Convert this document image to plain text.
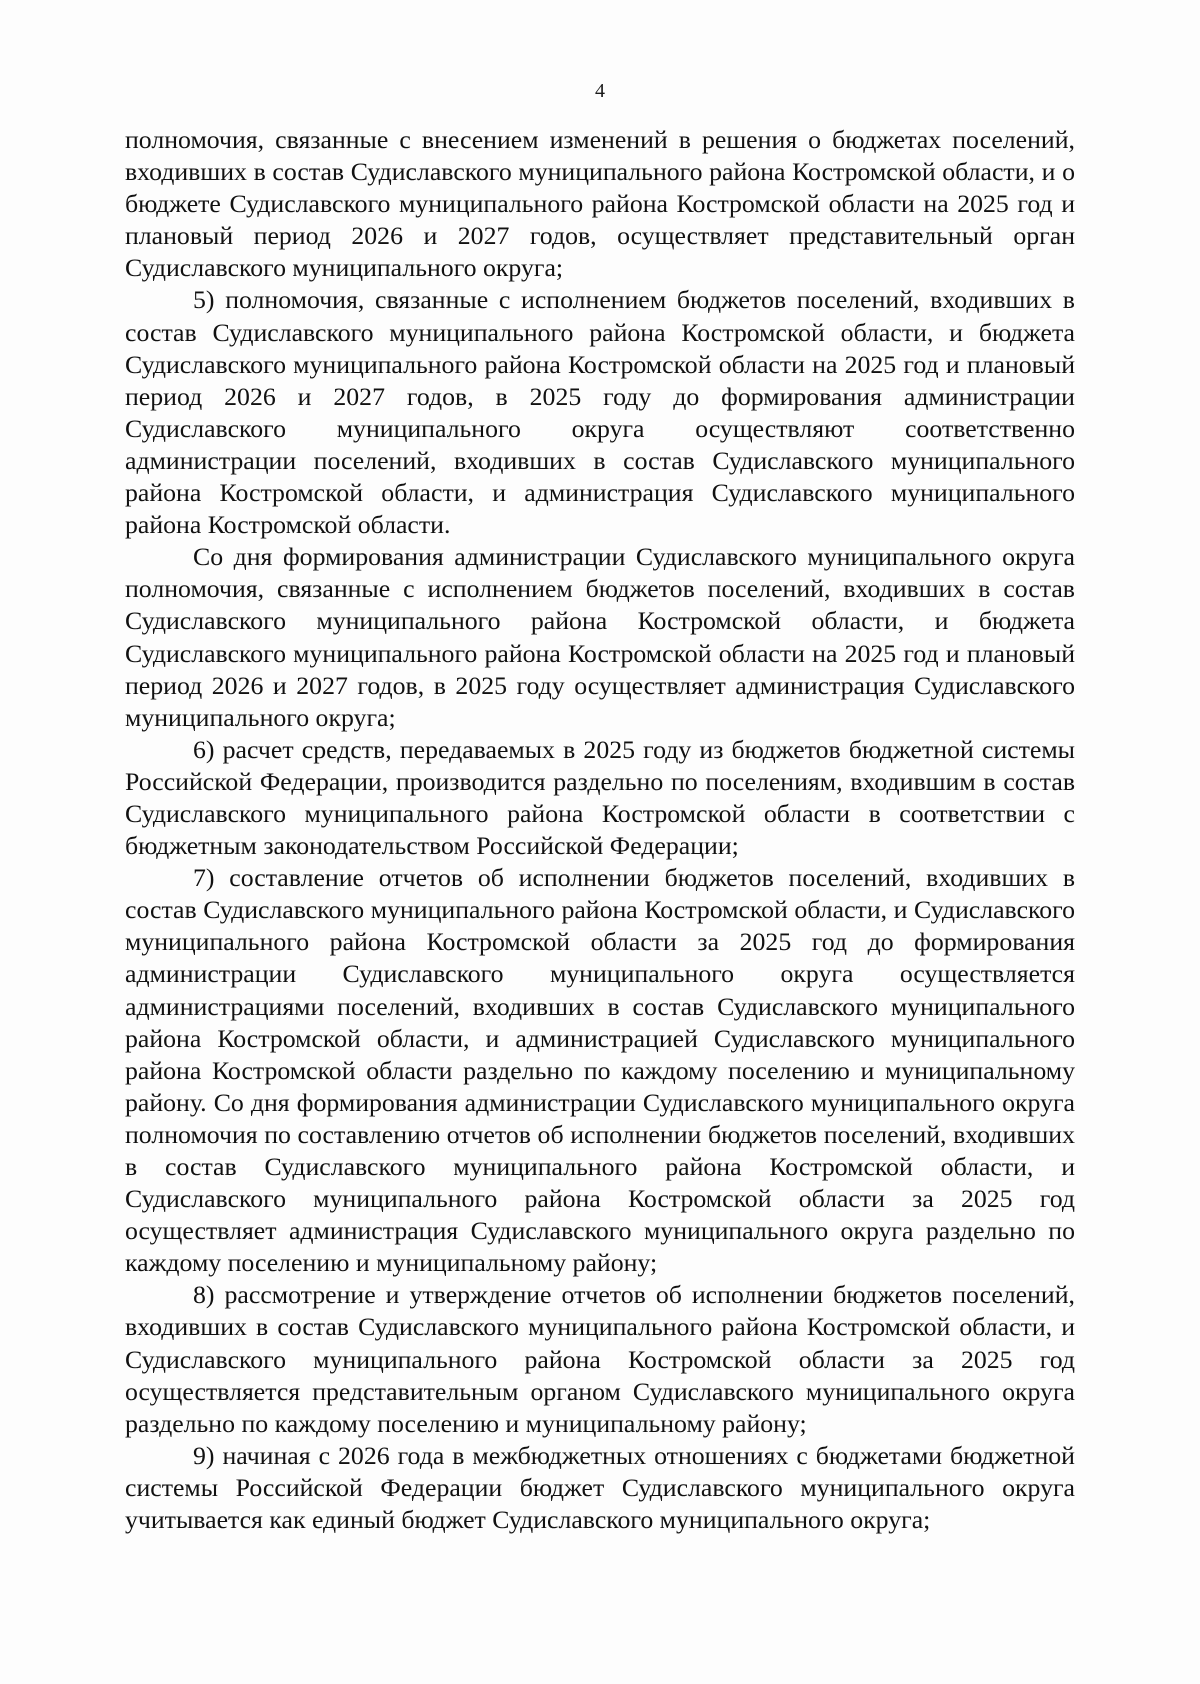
4

полномочия, связанные с внесением изменений в решения о бюджетах поселений, входивших в состав Судиславского муниципального района Костромской области, и о бюджете Судиславского муниципального района Костромской области на 2025 год и плановый период 2026 и 2027 годов, осуществляет представительный орган Судиславского муниципального округа;

5) полномочия, связанные с исполнением бюджетов поселений, входивших в состав Судиславского муниципального района Костромской области, и бюджета Судиславского муниципального района Костромской области на 2025 год и плановый период 2026 и 2027 годов, в 2025 году до формирования администрации Судиславского муниципального округа осуществляют соответственно администрации поселений, входивших в состав Судиславского муниципального района Костромской области, и администрация Судиславского муниципального района Костромской области.

Со дня формирования администрации Судиславского муниципального округа полномочия, связанные с исполнением бюджетов поселений, входивших в состав Судиславского муниципального района Костромской области, и бюджета Судиславского муниципального района Костромской области на 2025 год и плановый период 2026 и 2027 годов, в 2025 году осуществляет администрация Судиславского муниципального округа;

6) расчет средств, передаваемых в 2025 году из бюджетов бюджетной системы Российской Федерации, производится раздельно по поселениям, входившим в состав Судиславского муниципального района Костромской области в соответствии с бюджетным законодательством Российской Федерации;

7) составление отчетов об исполнении бюджетов поселений, входивших в состав Судиславского муниципального района Костромской области, и Судиславского муниципального района Костромской области за 2025 год до формирования администрации Судиславского муниципального округа осуществляется администрациями поселений, входивших в состав Судиславского муниципального района Костромской области, и администрацией Судиславского муниципального района Костромской области раздельно по каждому поселению и муниципальному району. Со дня формирования администрации Судиславского муниципального округа полномочия по составлению отчетов об исполнении бюджетов поселений, входивших в состав Судиславского муниципального района Костромской области, и Судиславского муниципального района Костромской области за 2025 год осуществляет администрация Судиславского муниципального округа раздельно по каждому поселению и муниципальному району;

8) рассмотрение и утверждение отчетов об исполнении бюджетов поселений, входивших в состав Судиславского муниципального района Костромской области, и Судиславского муниципального района Костромской области за 2025 год осуществляется представительным органом Судиславского муниципального округа раздельно по каждому поселению и муниципальному району;

9) начиная с 2026 года в межбюджетных отношениях с бюджетами бюджетной системы Российской Федерации бюджет Судиславского муниципального округа учитывается как единый бюджет Судиславского муниципального округа;
